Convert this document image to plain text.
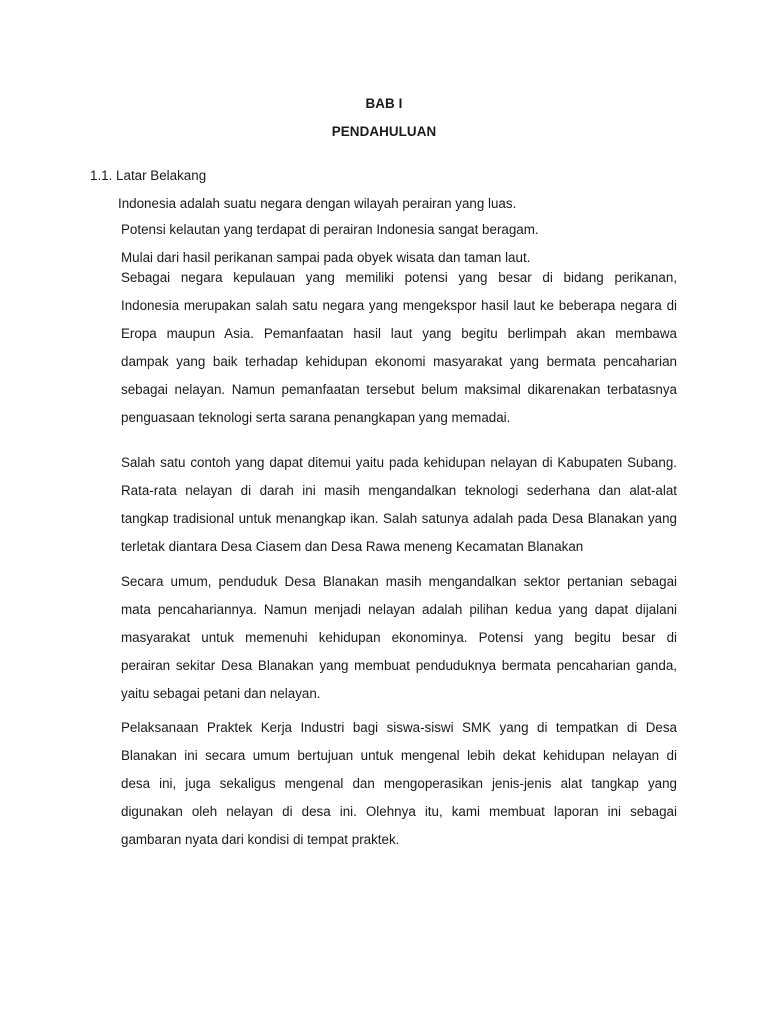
BAB I
PENDAHULUAN
1.1. Latar Belakang
Indonesia adalah suatu negara dengan wilayah perairan yang luas.
Potensi kelautan yang terdapat di perairan Indonesia sangat beragam.
Mulai dari hasil perikanan sampai pada obyek wisata dan taman laut.
Sebagai negara kepulauan yang memiliki potensi yang besar di bidang perikanan,
Indonesia merupakan salah satu negara yang mengekspor hasil laut ke beberapa negara di
Eropa maupun Asia. Pemanfaatan hasil laut yang begitu berlimpah akan membawa
dampak yang baik terhadap kehidupan ekonomi masyarakat yang bermata pencaharian
sebagai nelayan. Namun pemanfaatan tersebut belum maksimal dikarenakan terbatasnya
penguasaan teknologi serta sarana penangkapan yang memadai.
Salah satu contoh yang dapat ditemui yaitu pada kehidupan nelayan di Kabupaten Subang.
Rata-rata nelayan di darah ini masih mengandalkan teknologi sederhana dan alat-alat
tangkap tradisional untuk menangkap ikan. Salah satunya adalah pada Desa Blanakan yang
terletak diantara Desa Ciasem dan Desa Rawa meneng Kecamatan Blanakan
Secara umum, penduduk Desa Blanakan masih mengandalkan sektor pertanian sebagai
mata pencahariannya. Namun menjadi nelayan adalah pilihan kedua yang dapat dijalani
masyarakat untuk memenuhi kehidupan ekonominya. Potensi yang begitu besar di
perairan sekitar Desa Blanakan yang membuat penduduknya bermata pencaharian ganda,
yaitu sebagai petani dan nelayan.
Pelaksanaan Praktek Kerja Industri bagi siswa-siswi SMK yang di tempatkan di Desa
Blanakan ini secara umum bertujuan untuk mengenal lebih dekat kehidupan nelayan di
desa ini, juga sekaligus mengenal dan mengoperasikan jenis-jenis alat tangkap yang
digunakan oleh nelayan di desa ini. Olehnya itu, kami membuat laporan ini sebagai
gambaran nyata dari kondisi di tempat praktek.
